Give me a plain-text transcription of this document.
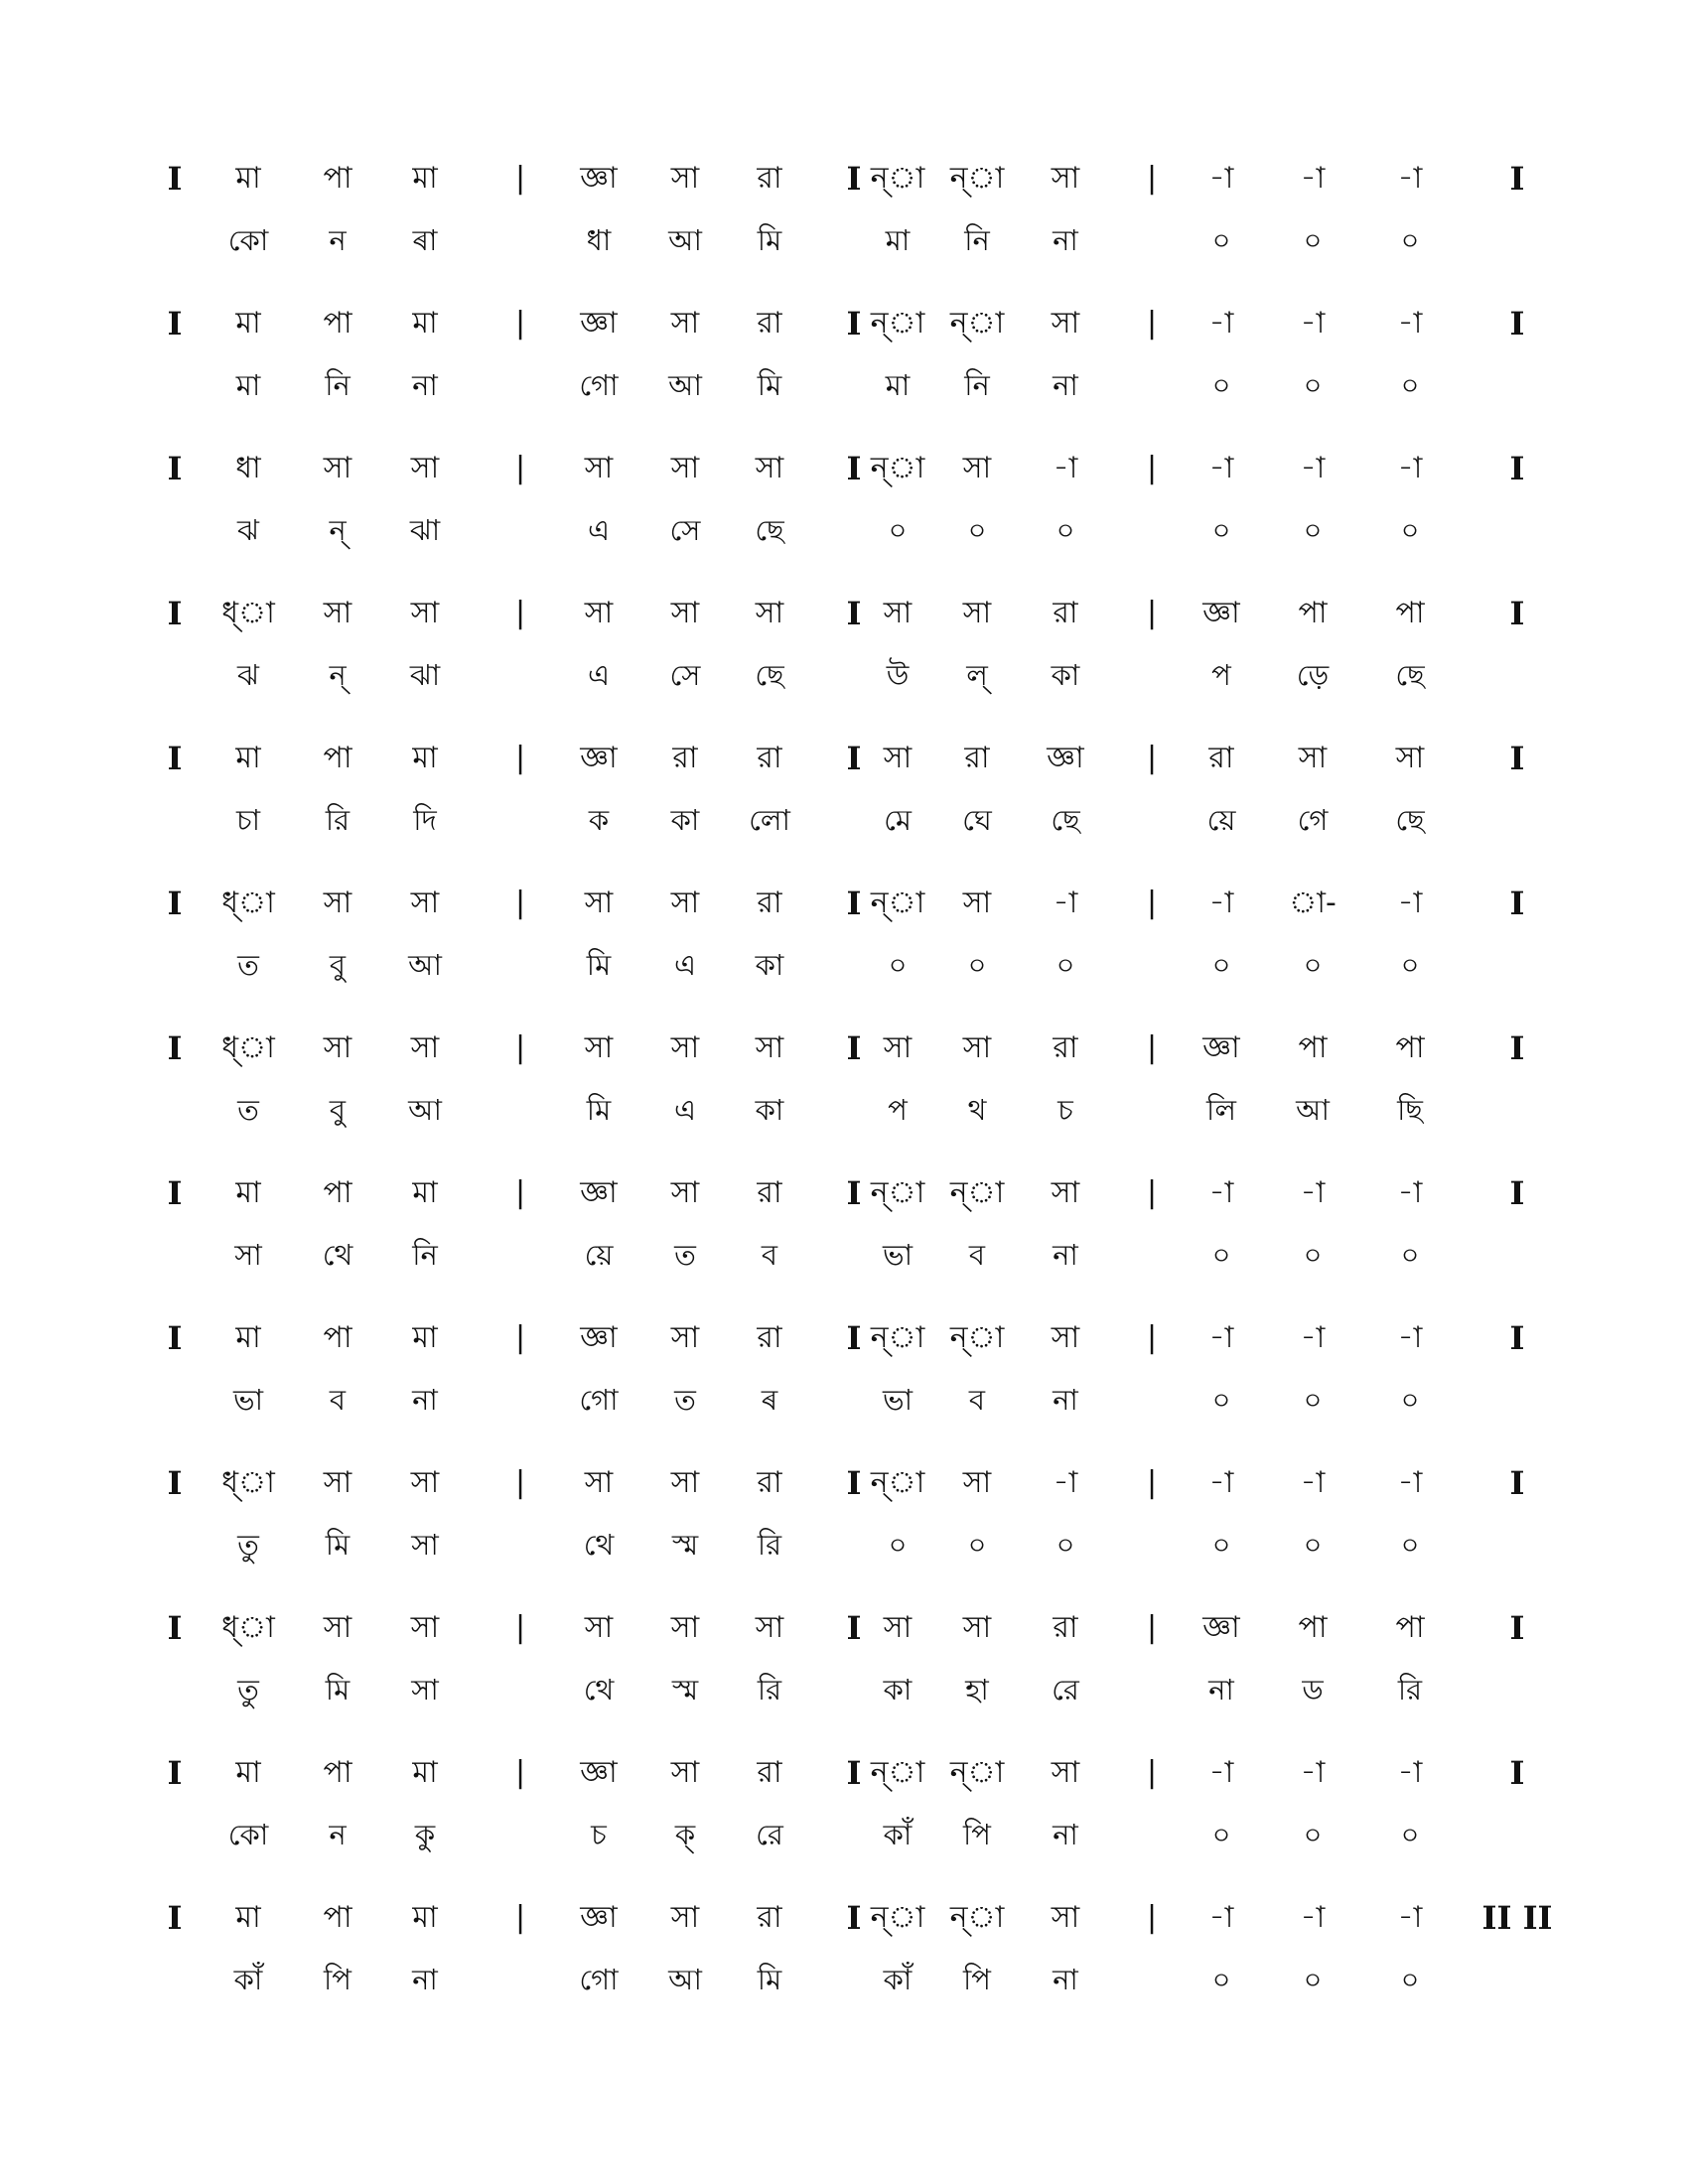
I	মা	পা	মা	|	জ্ঞা	সা	রা	I ন্‌া ন্‌া	সা	|	-া	-া	-া	I
কো	ন	ৰা	ধা	আ	মি	মা	নি	না	০	০	০
I	মা	পা	মা	|	জ্ঞা	সা	রা	I ন্‌া ন্‌া	সা	|	-া	-া	-া	I
মা	নি	না	গো	আ	মি	মা	নি	না	০	০	০
I	ধা	সা	সা	|	সা	সা	সা	I ন্‌া	সা	-া	|	-া	-া	-া	I
ঝ	ন্	ঝা	এ	সে	ছে	০	০	০	০	০	০
I	ধ্‌া	সা	সা	|	সা	সা	সা	I সা	সা	রা	|	জ্ঞা	পা	পা	I
ঝ	ন্	ঝা	এ	সে	ছে	উ	ল্	কা	প	ড়ে	ছে
I	মা	পা	মা	|	জ্ঞা	রা	রা	I সা	রা	জ্ঞা	|	রা	সা	সা	I
চা	রি	দি	ক	কা	লো	মে	ঘে	ছে	য়ে	গে	ছে
I	ধ্‌া	সা	সা	|	সা	সা	রা	I ন্‌া	সা	-া	|	-া	া-	-া	I
ত	বু	আ	মি	এ	কা	০	০	০	০	০	০
I	ধ্‌া	সা	সা	|	সা	সা	সা	I সা	সা	রা	|	জ্ঞা	পা	পা	I
ত	বু	আ	মি	এ	কা	প	থ	চ	লি	আ	ছি
I	মা	পা	মা	|	জ্ঞা	সা	রা	I ন্‌া ন্‌া	সা	|	-া	-া	-া	I
সা	থে	নি	য়ে	ত	ব	ভা	ব	না	০	০	০
I	মা	পা	মা	|	জ্ঞা	সা	রা	I ন্‌া ন্‌া	সা	|	-া	-া	-া	I
ভা	ব	না	গো	ত	ৰ	ভা	ব	না	০	০	০
I	ধ্‌া	সা	সা	|	সা	সা	রা	I ন্‌া	সা	-া	|	-া	-া	-া	I
তু	মি	সা	থে	স্ম	রি	০	০	০	০	০	০
I	ধ্‌া	সা	সা	|	সা	সা	সা	I সা	সা	রা	|	জ্ঞা	পা	পা	I
তু	মি	সা	থে	স্ম	রি	কা	হা	রে	না	ড	রি
I	মা	পা	মা	|	জ্ঞা	সা	রা	I ন্‌া ন্‌া	সা	|	-া	-া	-া	I
কো	ন	কু	চ	ক্	রে	কাঁ	পি	না	০	০	০
I	মা	পা	মা	|	জ্ঞা	সা	রা	I ন্‌া ন্‌া	সা	|	-া	-া	-া	II II
কাঁ	পি	না	গো	আ	মি	কাঁ	পি	না	০	০	০
